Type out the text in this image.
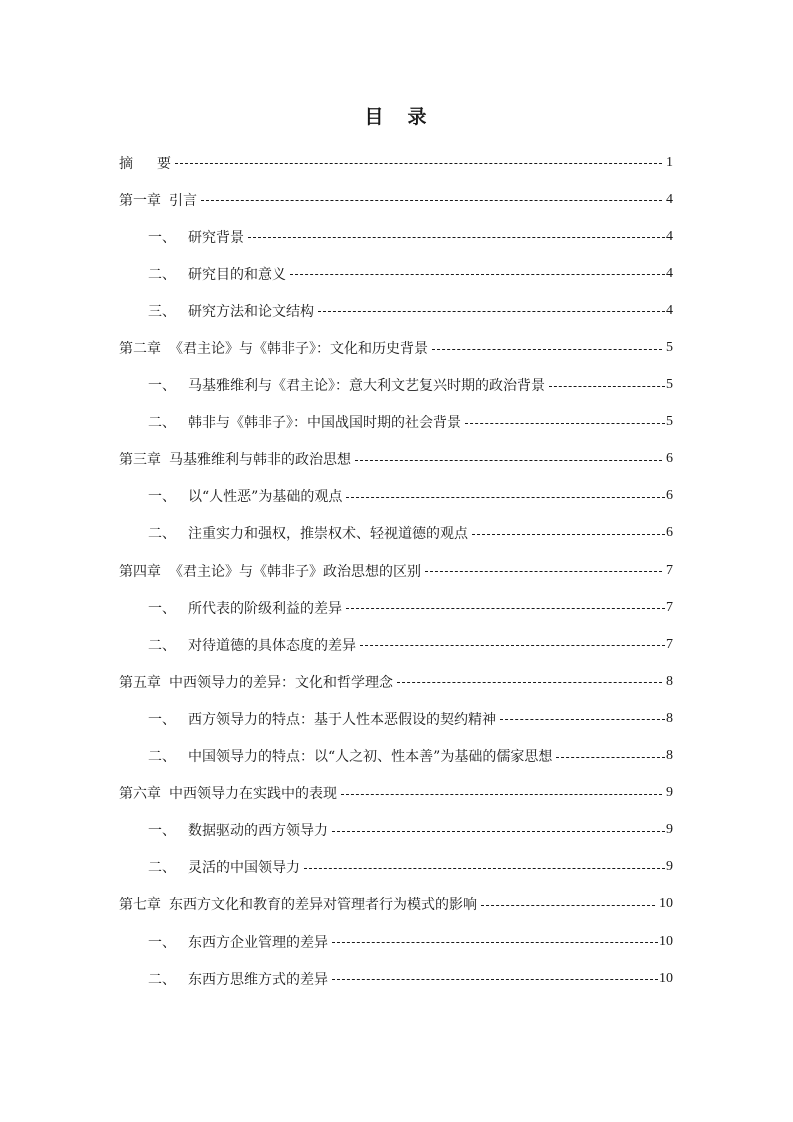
目 录
摘 要	1
第一章 引言	4
一、 研究背景	4
二、 研究目的和意义	4
三、 研究方法和论文结构	4
第二章 《君主论》与《韩非子》：文化和历史背景	5
一、 马基雅维利与《君主论》：意大利文艺复兴时期的政治背景	5
二、 韩非与《韩非子》：中国战国时期的社会背景	5
第三章 马基雅维利与韩非的政治思想	6
一、 以“人性恶”为基础的观点	6
二、 注重实力和强权，推崇权术、轻视道德的观点	6
第四章 《君主论》与《韩非子》政治思想的区别	7
一、 所代表的阶级利益的差异	7
二、 对待道德的具体态度的差异	7
第五章 中西领导力的差异：文化和哲学理念	8
一、 西方领导力的特点：基于人性本恶假设的契约精神	8
二、 中国领导力的特点：以“人之初、性本善”为基础的儒家思想	8
第六章 中西领导力在实践中的表现	9
一、 数据驱动的西方领导力	9
二、 灵活的中国领导力	9
第七章 东西方文化和教育的差异对管理者行为模式的影响	10
一、 东西方企业管理的差异	10
二、 东西方思维方式的差异	10
